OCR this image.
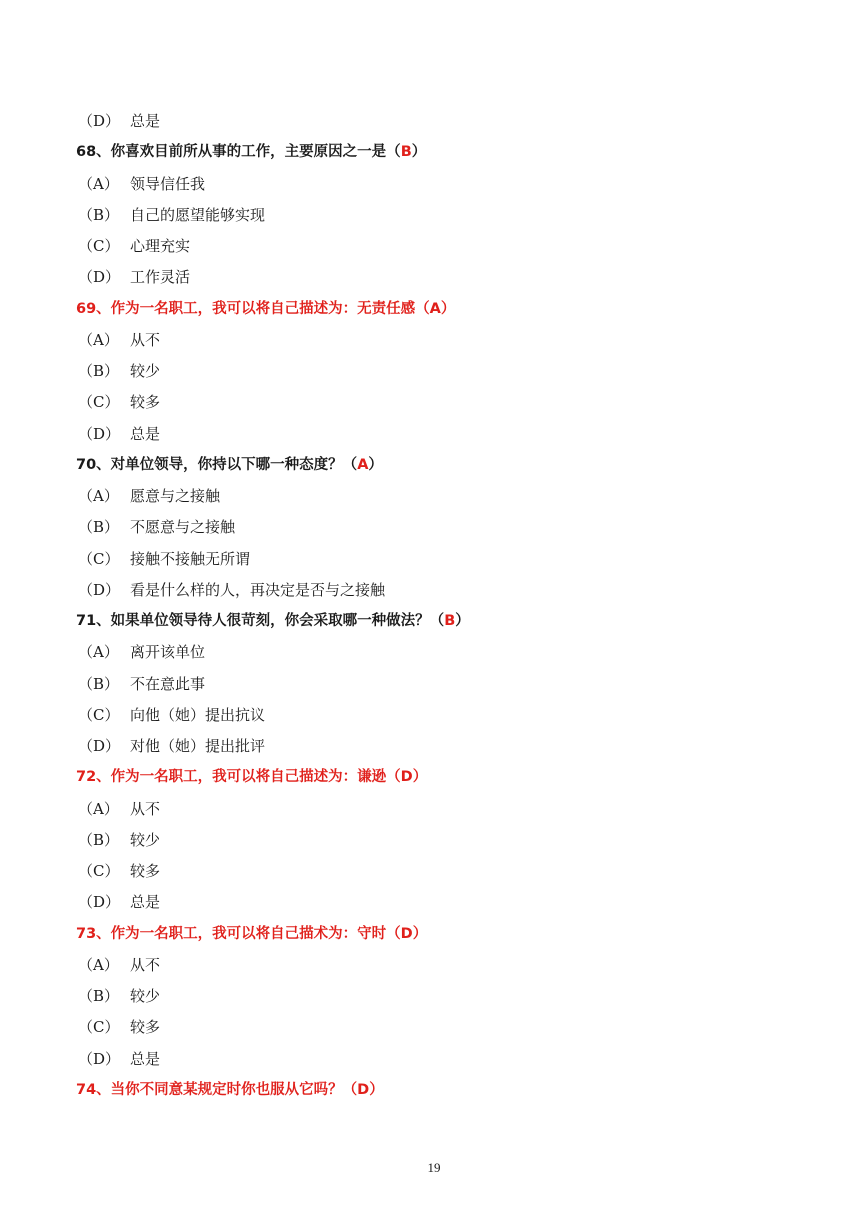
（D） 总是
68、你喜欢目前所从事的工作，主要原因之一是（B）
（A） 领导信任我
（B） 自己的愿望能够实现
（C） 心理充实
（D） 工作灵活
69、作为一名职工，我可以将自己描述为：无责任感（A）
（A） 从不
（B） 较少
（C） 较多
（D） 总是
70、对单位领导，你持以下哪一种态度？（A）
（A） 愿意与之接触
（B） 不愿意与之接触
（C） 接触不接触无所谓
（D） 看是什么样的人，再决定是否与之接触
71、如果单位领导待人很苛刻，你会采取哪一种做法？（B）
（A） 离开该单位
（B） 不在意此事
（C） 向他（她）提出抗议
（D） 对他（她）提出批评
72、作为一名职工，我可以将自己描述为：谦逊（D）
（A） 从不
（B） 较少
（C） 较多
（D） 总是
73、作为一名职工，我可以将自己描术为：守时（D）
（A） 从不
（B） 较少
（C） 较多
（D） 总是
74、当你不同意某规定时你也服从它吗？（D）
19
